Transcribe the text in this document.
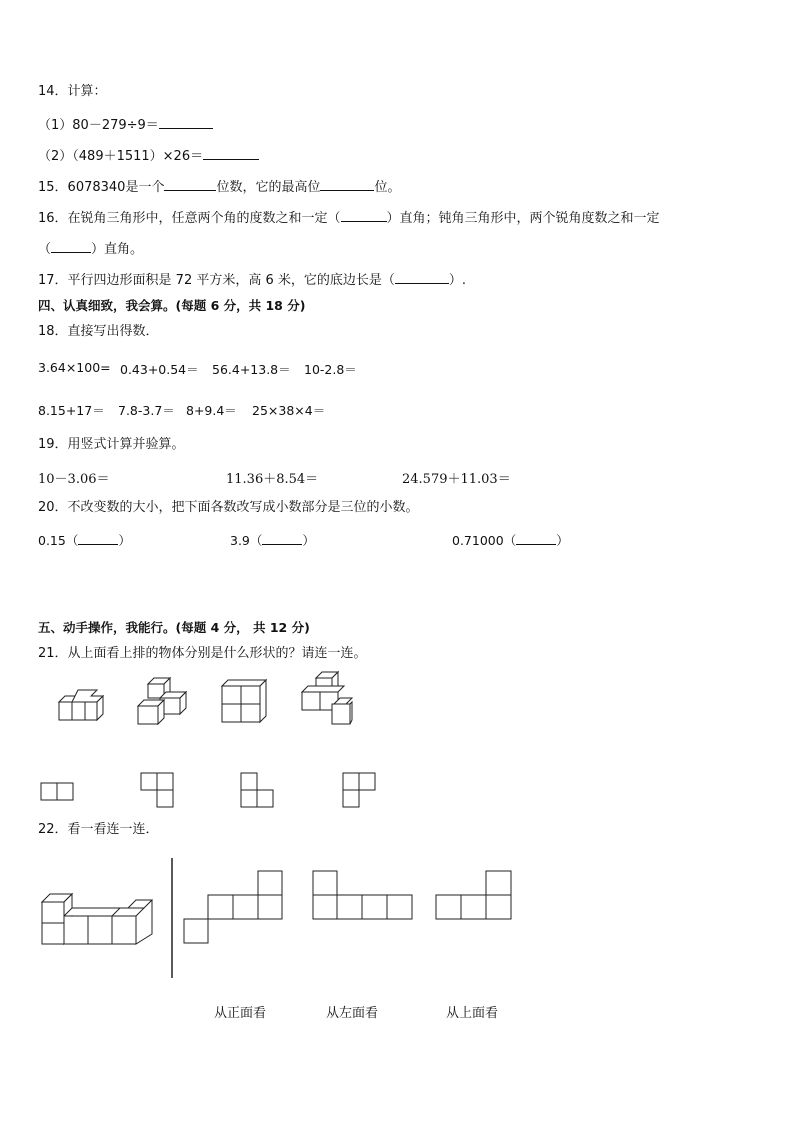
14．计算：
（1）80－279÷9＝
（2）（489＋1511）×26＝
15．6078340是一个	位数，它的最高位	位。
16．在锐角三角形中，任意两个角的度数之和一定（	）直角；钝角三角形中，两个锐角度数之和一定
（	）直角。
17．平行四边形面积是 72 平方米，高 6 米，它的底边长是（	）.
四、认真细致，我会算。(每题 6 分，共 18 分)
18．直接写出得数．
3.64×100= 0.43+0.54＝ 56.4+13.8＝ 10-2.8＝
8.15+17＝ 7.8-3.7＝ 8+9.4＝ 25×38×4＝
19．用竖式计算并验算。
10－3.06＝	11.36＋8.54＝	24.579＋11.03＝
20．不改变数的大小，把下面各数改写成小数部分是三位的小数。
0.15（	）	3.9（	）	0.71000（	）
五、动手操作，我能行。(每题 4 分， 共 12 分)
21．从上面看上排的物体分别是什么形状的？请连一连。
22．看一看连一连．
从正面看	从左面看	从上面看
